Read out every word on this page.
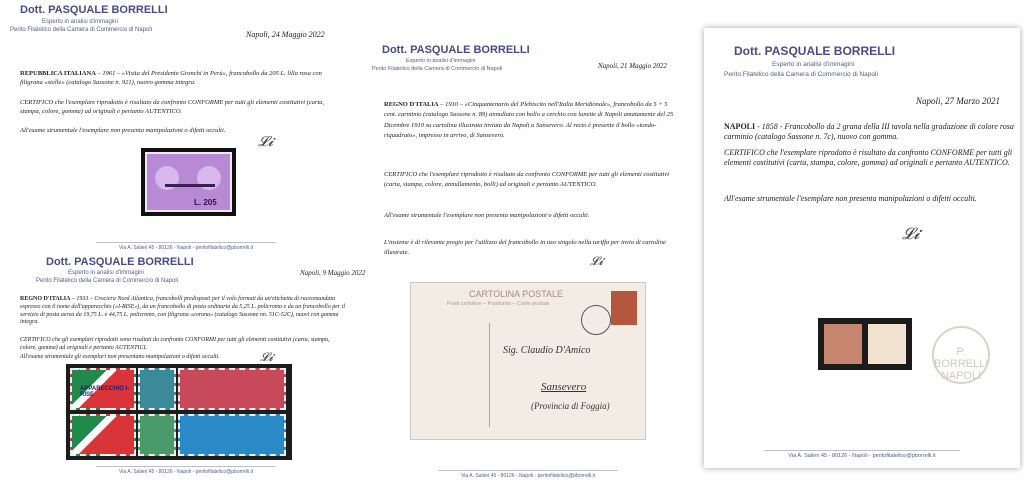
Dott. PASQUALE BORRELLI
Esperto in analisi d'immagini
Perito Filatelico della Camera di Commercio di Napoli	Napoli, 24 Maggio 2022
REPUBBLICA ITALIANA – 1961 – «Visita del Presidente Gronchi in Perù», francobollo da 205 L. lilla rosa con filigrana «stelle» (catalogo Sassone n. 921), nuovo gomma integra.
CERTIFICO che l'esemplare riprodotto è risultato da confronto CONFORME per tutti gli elementi costitutivi (carta, stampa, colore, gomma) ad originali e pertanto AUTENTICO.
All'esame strumentale l'esemplare non presenta manipolazioni o difetti occulti.
𝓛𝓲
L. 205
Via A. Salieri 45 - 80126 - Napoli - peritofilatelico@pborrelli.it
Dott. PASQUALE BORRELLI
Esperto in analisi d'immagini
Perito Filatelico della Camera di Commercio di Napoli
Napoli, 9 Maggio 2022
REGNO D'ITALIA – 1933 – Crociera Nord Atlantica, francobolli predisposti per il volo formati da un'etichetta di raccomandata espresso con il nome dell'apparecchio («I-RISE»), da un francobollo di posta ordinaria da 5,25 L. policromo e da un francobollo per il servizio di posta aerea da 19,75 L. e 44,75 L. policromo, con filigrana «corona» (catalogo Sassone nn. 51C-52C), nuovi con gomma integra.
CERTIFICO che gli esemplari riprodotti sono risultati da confronto CONFORMI per tutti gli elementi costitutivi (carta, stampa, colore, gomma) ad originali e pertanto AUTENTICI.
All'esame strumentale gli esemplari non presentano manipolazioni o difetti occulti.	𝓛𝓲
APPARECCHIO I-RISE
Via A. Salieri 45 - 80126 - Napoli - peritofilatelico@pborrelli.it
Dott. PASQUALE BORRELLI
Esperto in analisi d'immagini
Perito Filatelico della Camera di Commercio di Napoli	Napoli, 21 Maggio 2022
REGNO D'ITALIA – 1910 – «Cinquantenario del Plebiscito nell'Italia Meridionale», francobollo da 5 + 5 cent. carminio (catalogo Sassone n. 89) annullato con bollo a cerchio con lunette di Napoli amatamente del 25 Dicembre 1910 su cartolina illustrata inviata da Napoli a Sanseverо. Al recto è presente il bollo «tondo-riquadrato», impresso in arrivo, di Sanseverо.
CERTIFICO che l'esemplare riprodotto è risultato da confronto CONFORME per tutti gli elementi costitutivi (carta, stampa, colore, annullamento, bolli) ad originali e pertanto AUTENTICO.
All'esame strumentale l'esemplare non presenta manipolazioni o difetti occulti.
L'insieme è di rilevante pregio per l'utilizzo del francobollo in uso singolo nella tariffa per invio di cartoline illustrate.
𝓛𝓲
CARTOLINA POSTALE
Posti cartoline – Postkarte – Carte postale
Sig. Claudio D'Amico
Sanseverо
(Provincia di Foggia)
Via A. Salieri 45 - 80126 - Napoli - peritofilatelico@pborrelli.it
Dott. PASQUALE BORRELLI
Esperto in analisi d'immagini
Perito Filatelico della Camera di Commercio di Napoli
Napoli, 27 Marzo 2021
NAPOLI - 1858 - Francobollo da 2 grana della III tavola nella gradazione di colore rosa carminio (catalogo Sassone n. 7c), nuovo con gomma.
CERTIFICO che l'esemplare riprodotto è risultato da confronto CONFORME per tutti gli elementi costitutivi (carta, stampa, colore, gomma) ad originali e pertanto AUTENTICO.
All'esame strumentale l'esemplare non presenta manipolazioni o difetti occulti.
𝓛𝓲
P. BORRELLI NAPOLI
Via A. Salieri 45 - 80126 - Napoli - peritofilatelico@pborrelli.it
